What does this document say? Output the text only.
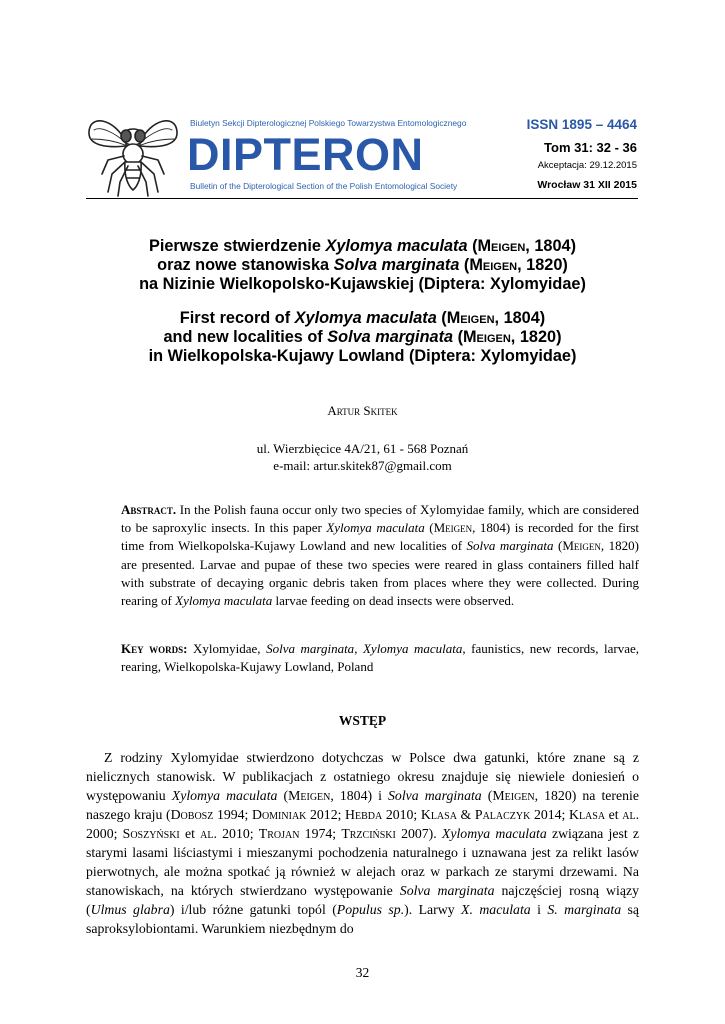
Biuletyn Sekcji Dipterologicznej Polskiego Towarzystwa Entomologicznego
DIPTERON
Bulletin of the Dipterological Section of the Polish Entomological Society
ISSN 1895 – 4464
Tom 31: 32 - 36
Akceptacja: 29.12.2015
Wrocław 31 XII 2015
Pierwsze stwierdzenie Xylomya maculata (Meigen, 1804)
oraz nowe stanowiska Solva marginata (Meigen, 1820)
na Nizinie Wielkopolsko-Kujawskiej (Diptera: Xylomyidae)
First record of Xylomya maculata (Meigen, 1804)
and new localities of Solva marginata (Meigen, 1820)
in Wielkopolska-Kujawy Lowland (Diptera: Xylomyidae)
Artur Skitek
ul. Wierzbięcice 4A/21, 61 - 568 Poznań
e-mail: artur.skitek87@gmail.com
Abstract. In the Polish fauna occur only two species of Xylomyidae family, which are considered to be saproxylic insects. In this paper Xylomya maculata (Meigen, 1804) is recorded for the first time from Wielkopolska-Kujawy Lowland and new localities of Solva marginata (Meigen, 1820) are presented. Larvae and pupae of these two species were reared in glass containers filled half with substrate of decaying organic debris taken from places where they were collected. During rearing of Xylomya maculata larvae feeding on dead insects were observed.
Key words: Xylomyidae, Solva marginata, Xylomya maculata, faunistics, new records, larvae, rearing, Wielkopolska-Kujawy Lowland, Poland
WSTĘP
Z rodziny Xylomyidae stwierdzono dotychczas w Polsce dwa gatunki, które znane są z nielicznych stanowisk. W publikacjach z ostatniego okresu znajduje się niewiele doniesień o występowaniu Xylomya maculata (Meigen, 1804) i Solva marginata (Meigen, 1820) na terenie naszego kraju (Dobosz 1994; Dominiak 2012; Hebda 2010; Klasa & Palaczyk 2014; Klasa et al. 2000; Soszyński et al. 2010; Trojan 1974; Trzciński 2007). Xylomya maculata związana jest z starymi lasami liściastymi i mieszanymi pochodzenia naturalnego i uznawana jest za relikt lasów pierwotnych, ale można spotkać ją również w alejach oraz w parkach ze starymi drzewami. Na stanowiskach, na których stwierdzano występowanie Solva marginata najczęściej rosną wiązy (Ulmus glabra) i/lub różne gatunki topól (Populus sp.). Larwy X. maculata i S. marginata są saproksylobiontami. Warunkiem niezbędnym do
32
